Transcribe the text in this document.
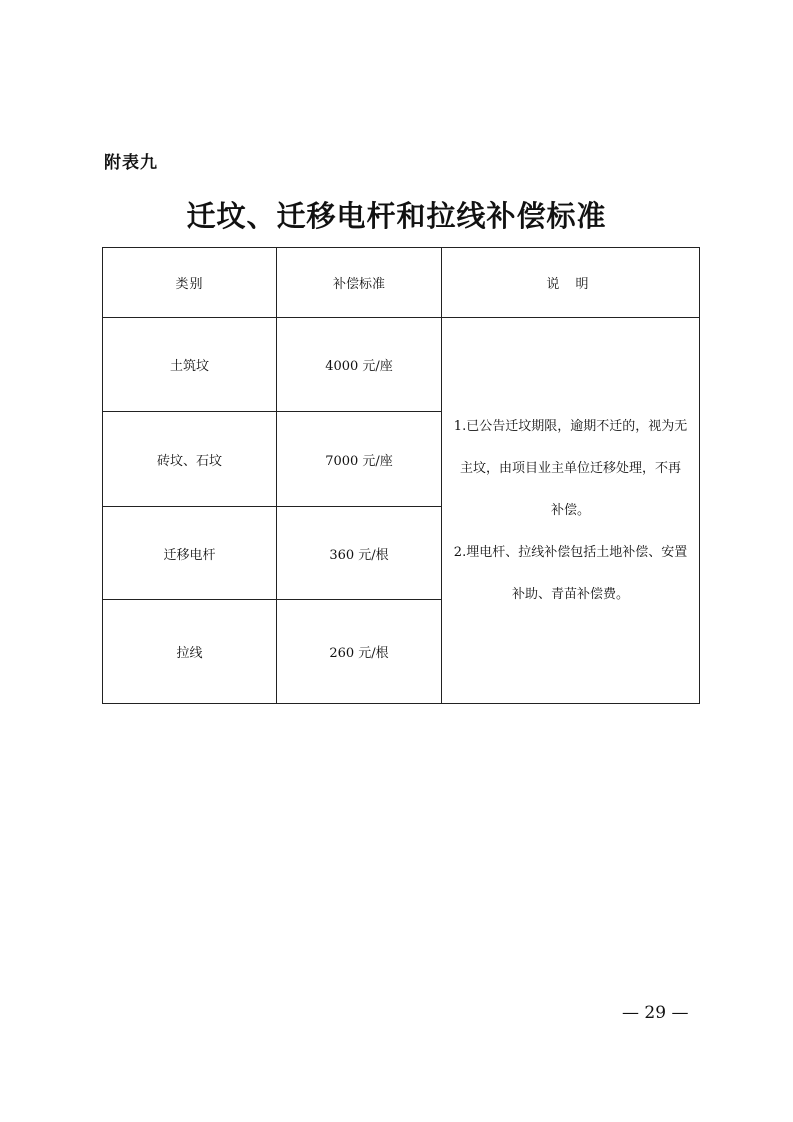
附表九
迁坟、迁移电杆和拉线补偿标准
类别	补偿标准	说 明
土筑坟	4000 元/座	1.已公告迁坟期限，逾期不迁的，视为无
主坟，由项目业主单位迁移处理，不再
补偿。
2.埋电杆、拉线补偿包括土地补偿、安置
补助、青苗补偿费。

砖坟、石坟	7000 元/座	
迁移电杆	360 元/根	
拉线	260 元/根	
— 29 —
